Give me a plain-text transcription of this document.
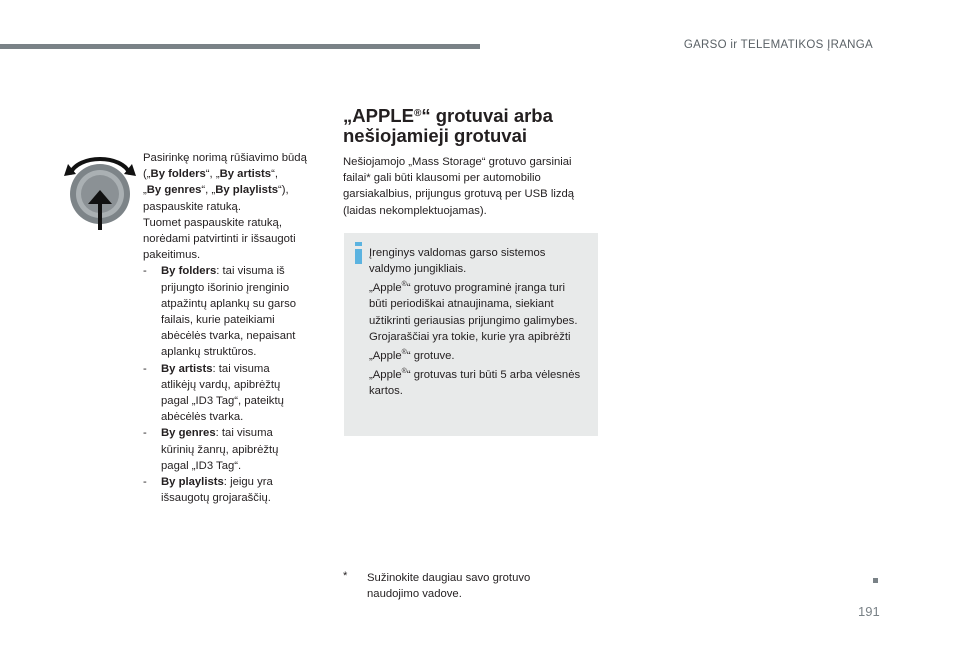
GARSO ir TELEMATIKOS ĮRANGA

Pasirinkę norimą rūšiavimo būdą

(„By folders“, „By artists“,

„By genres“, „By playlists“),

paspauskite ratuką.

Tuomet paspauskite ratuką,

norėdami patvirtinti ir išsaugoti

pakeitimus.

- By folders: tai visuma iš

prijungto išorinio įrenginio

atpažintų aplankų su garso

failais, kurie pateikiami

abėcėlės tvarka, nepaisant

aplankų struktūros.

- By artists: tai visuma

atlikėjų vardų, apibrėžtų

pagal „ID3 Tag“, pateiktų

abėcėlės tvarka.

- By genres: tai visuma

kūrinių žanrų, apibrėžtų

pagal „ID3 Tag“.

- By playlists: jeigu yra

išsaugotų grojaraščių.

„APPLE®“ grotuvai arba
nešiojamieji grotuvai
Nešiojamojo „Mass Storage“ grotuvo garsiniai
failai* gali būti klausomi per automobilio
garsiakalbius, prijungus grotuvą per USB lizdą
(laidas nekomplektuojamas).

Įrenginys valdomas garso sistemos

valdymo jungikliais.

„Apple®“ grotuvo programinė įranga turi

būti periodiškai atnaujinama, siekiant

užtikrinti geriausias prijungimo galimybes.

Grojaraščiai yra tokie, kurie yra apibrėžti

„Apple®“ grotuve.

„Apple®“ grotuvas turi būti 5 arba vėlesnės

kartos.

* Sužinokite daugiau savo grotuvo
naudojimo vadove.
191
